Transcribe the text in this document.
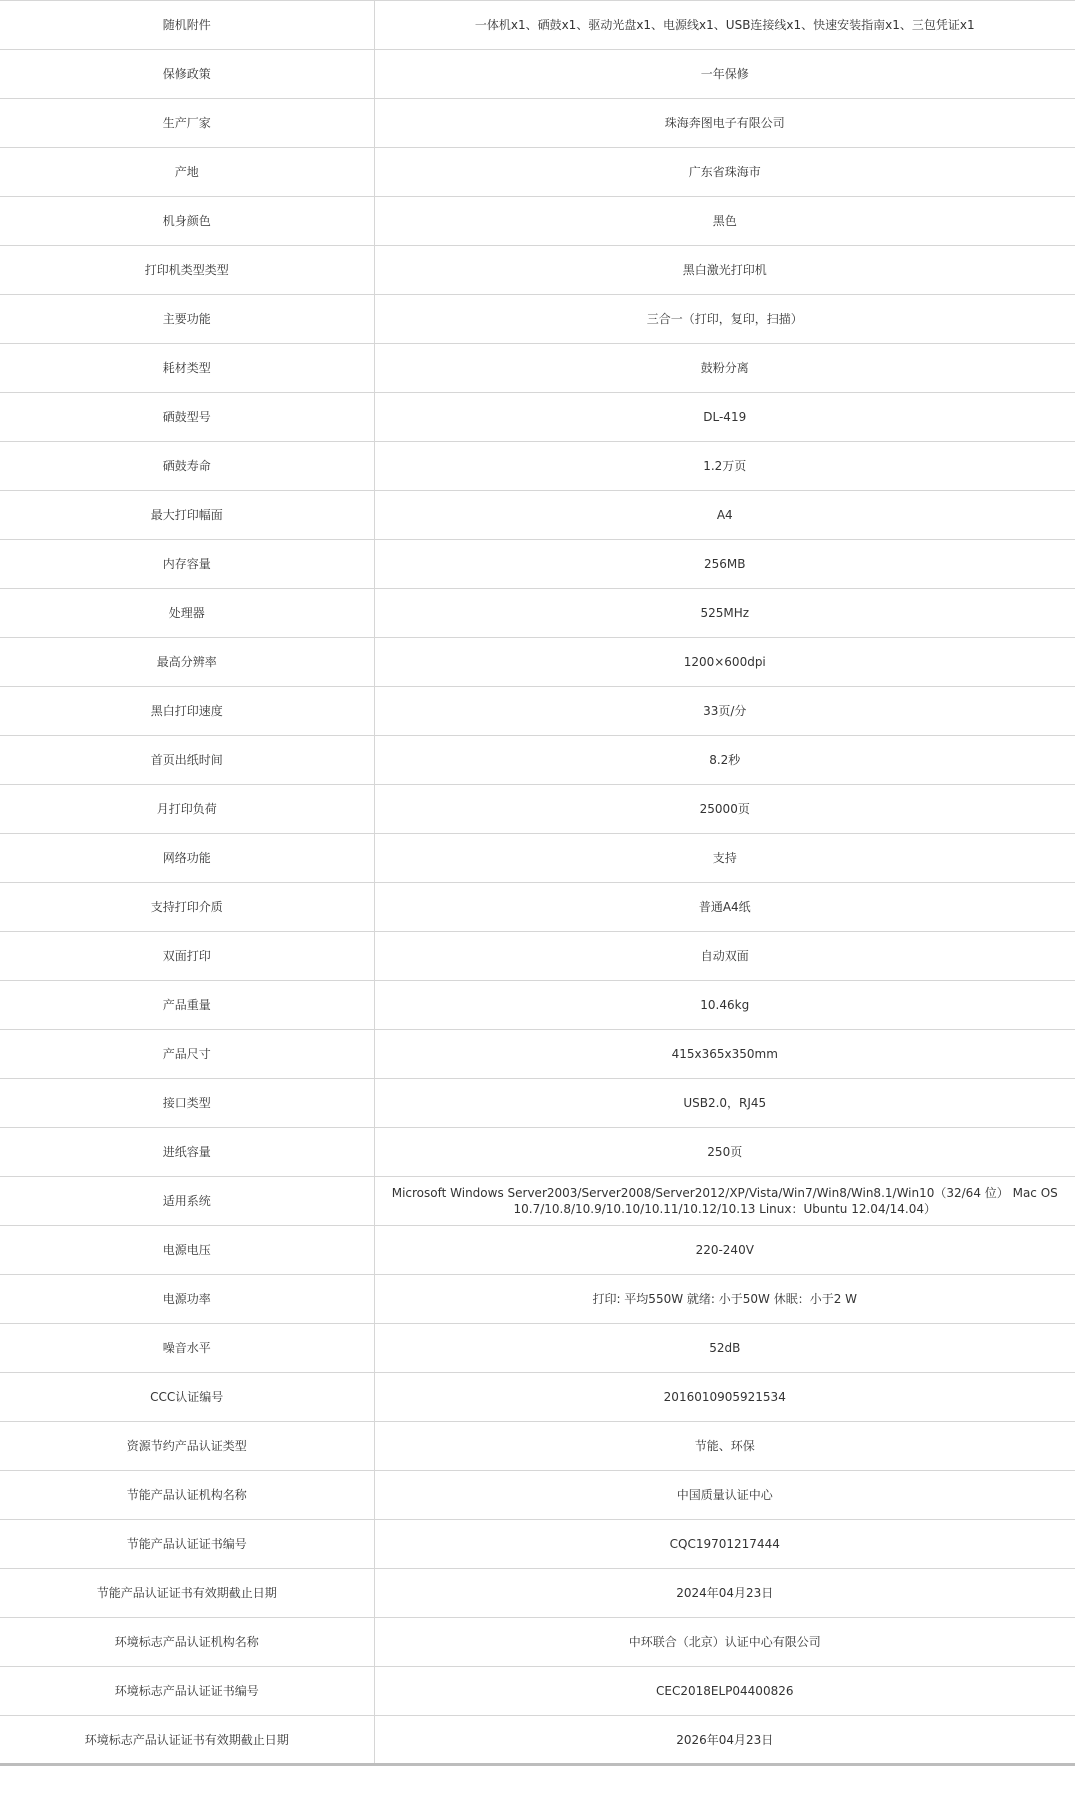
随机附件	一体机x1、硒鼓x1、驱动光盘x1、电源线x1、USB连接线x1、快速安装指南x1、三包凭证x1
保修政策	一年保修
生产厂家	珠海奔图电子有限公司
产地	广东省珠海市
机身颜色	黑色
打印机类型类型	黑白激光打印机
主要功能	三合一（打印，复印，扫描）
耗材类型	鼓粉分离
硒鼓型号	DL-419
硒鼓寿命	1.2万页
最大打印幅面	A4
内存容量	256MB
处理器	525MHz
最高分辨率	1200×600dpi
黑白打印速度	33页/分
首页出纸时间	8.2秒
月打印负荷	25000页
网络功能	支持
支持打印介质	普通A4纸
双面打印	自动双面
产品重量	10.46kg
产品尺寸	415x365x350mm
接口类型	USB2.0，RJ45
进纸容量	250页
适用系统	Microsoft Windows Server2003/Server2008/Server2012/XP/Vista/Win7/Win8/Win8.1/Win10（32/64 位） Mac OS 10.7/10.8/10.9/10.10/10.11/10.12/10.13 Linux：Ubuntu 12.04/14.04）
电源电压	220-240V
电源功率	打印: 平均550W 就绪: 小于50W 休眠：小于2 W
噪音水平	52dB
CCC认证编号	2016010905921534
资源节约产品认证类型	节能、环保
节能产品认证机构名称	中国质量认证中心
节能产品认证证书编号	CQC19701217444
节能产品认证证书有效期截止日期	2024年04月23日
环境标志产品认证机构名称	中环联合（北京）认证中心有限公司
环境标志产品认证证书编号	CEC2018ELP04400826
环境标志产品认证证书有效期截止日期	2026年04月23日
